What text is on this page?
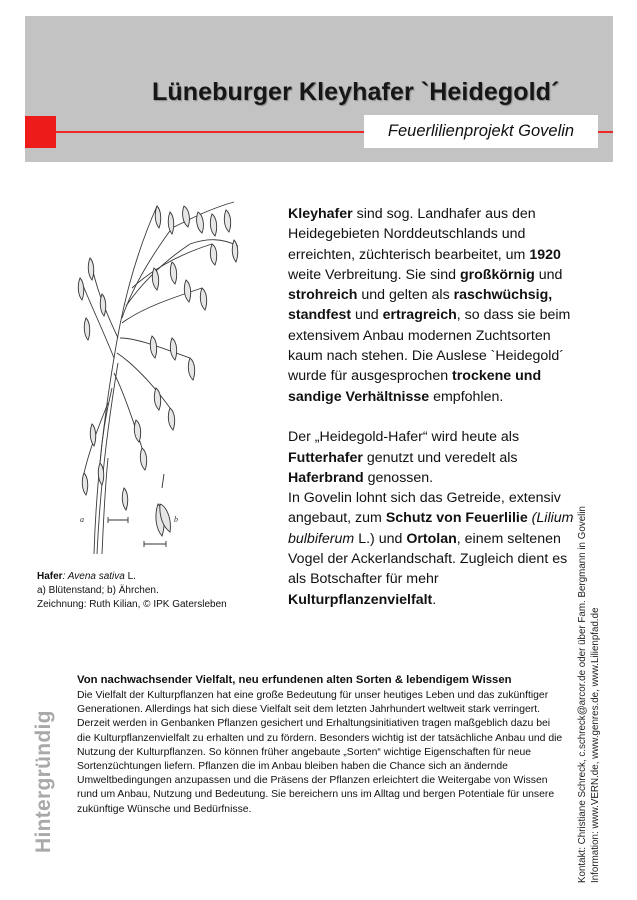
Lüneburger Kleyhafer `Heidegold´
Feuerlilienprojekt Govelin
a	b
Hafer: Avena sativa L.
a) Blütenstand; b) Ährchen.
Zeichnung: Ruth Kilian, © IPK Gatersleben

Kleyhafer sind sog. Landhafer aus den Heidegebieten Norddeutschlands und erreichten, züchterisch bearbeitet, um 1920 weite Verbreitung. Sie sind großkörnig und strohreich und gelten als raschwüchsig, standfest und ertragreich, so dass sie beim extensivem Anbau modernen Zuchtsorten kaum nach stehen. Die Auslese `Heidegold´ wurde für ausgesprochen trockene und sandige Verhältnisse empfohlen.

Der „Heidegold-Hafer“ wird heute als Futterhafer genutzt und veredelt als Haferbrand genossen.

In Govelin lohnt sich das Getreide, extensiv angebaut, zum Schutz von Feuerlilie (Lilium bulbiferum L.) und Ortolan, einem seltenen Vogel der Ackerlandschaft. Zugleich dient es als Botschafter für mehr Kulturpflanzenvielfalt.

Hintergründig
Von nachwachsender Vielfalt, neu erfundenen alten Sorten & lebendigem Wissen

Die Vielfalt der Kulturpflanzen hat eine große Bedeutung für unser heutiges Leben und das zukünftiger Generationen. Allerdings hat sich diese Vielfalt seit dem letzten Jahrhundert weltweit stark verringert.

Derzeit werden in Genbanken Pflanzen gesichert und Erhaltungsinitiativen tragen maßgeblich dazu bei die Kulturpflanzenvielfalt zu erhalten und zu fördern. Besonders wichtig ist der tatsächliche Anbau und die Nutzung der Kulturpflanzen. So können früher angebaute „Sorten“ wichtige Eigenschaften für neue Sortenzüchtungen liefern. Pflanzen die im Anbau bleiben haben die Chance sich an ändernde Umweltbedingungen anzupassen und die Präsens der Pflanzen erleichtert die Weitergabe von Wissen rund um Anbau, Nutzung und Bedeutung. Sie bereichern uns im Alltag und bergen Potentiale für unsere zukünftige Wünsche und Bedürfnisse.	Kontakt: Christiane Schreck, c.schreck@arcor.de oder über Fam. Bergmann in Govelin Information: www.VERN.de, www.genres.de, www.Lilienpfad.de
